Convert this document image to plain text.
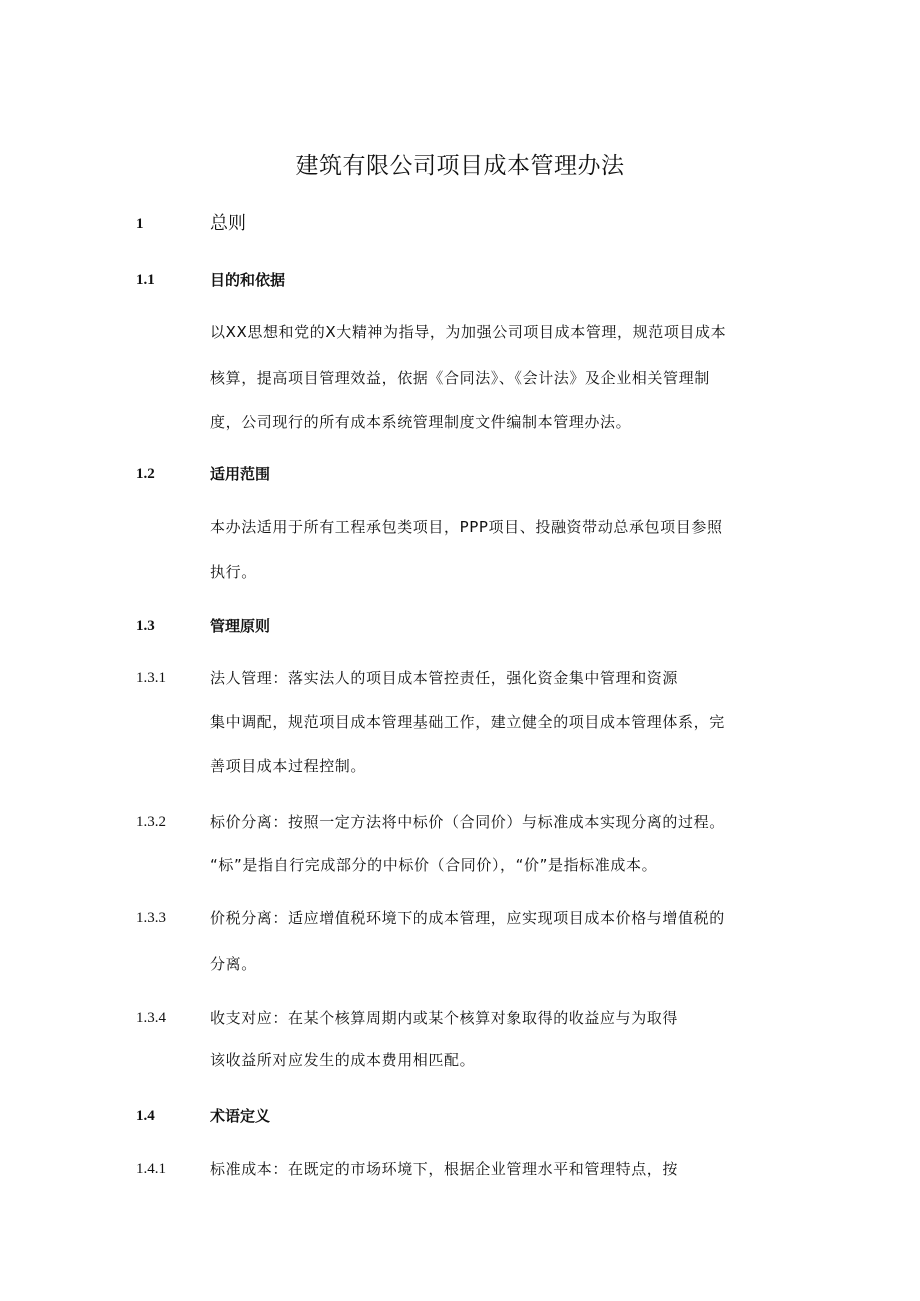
建筑有限公司项目成本管理办法
1	总则
1.1	目的和依据
以XX思想和党的X大精神为指导，为加强公司项目成本管理，规范项目成本
核算，提高项目管理效益，依据《合同法》、《会计法》及企业相关管理制
度，公司现行的所有成本系统管理制度文件编制本管理办法。
1.2	适用范围
本办法适用于所有工程承包类项目，PPP项目、投融资带动总承包项目参照
执行。
1.3	管理原则
1.3.1	法人管理：落实法人的项目成本管控责任，强化资金集中管理和资源
集中调配，规范项目成本管理基础工作，建立健全的项目成本管理体系，完
善项目成本过程控制。
1.3.2	标价分离：按照一定方法将中标价（合同价）与标准成本实现分离的过程。
“标”是指自行完成部分的中标价（合同价），“价”是指标准成本。
1.3.3	价税分离：适应增值税环境下的成本管理，应实现项目成本价格与增值税的
分离。
1.3.4	收支对应：在某个核算周期内或某个核算对象取得的收益应与为取得
该收益所对应发生的成本费用相匹配。
1.4	术语定义
1.4.1	标准成本：在既定的市场环境下，根据企业管理水平和管理特点，按
